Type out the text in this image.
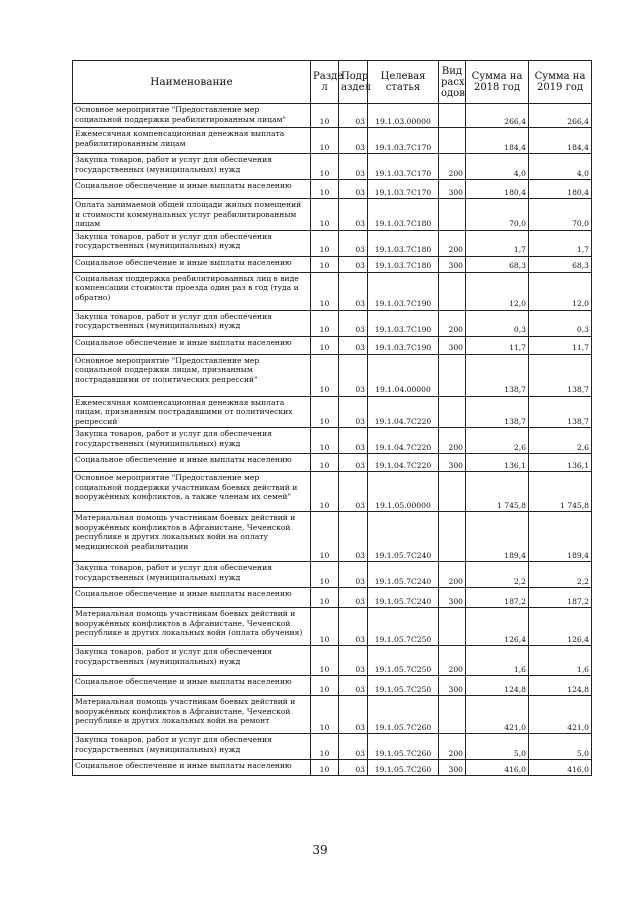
Наименование	Разде л	Подр аздел	Целевая статья	Вид расх одов	Сумма на 2018 год	Сумма на 2019 год
Основное мероприятие "Предоставление мер социальной поддержки реабилитированным лицам"	10	03	19.1.03.00000		266,4	266,4
Ежемесячная компенсационная денежная выплата реабилитированным лицам	10	03	19.1.03.7С170		184,4	184,4
Закупка товаров, работ и услуг для обеспечения государственных (муниципальных) нужд	10	03	19.1.03.7С170	200	4,0	4,0
Социальное обеспечение и иные выплаты населению	10	03	19.1.03.7С170	300	180,4	180,4
Оплата занимаемой общей площади жилых помещений и стоимости коммунальных услуг реабилитированным лицам	10	03	19.1.03.7С180		70,0	70,0
Закупка товаров, работ и услуг для обеспечения государственных (муниципальных) нужд	10	03	19.1.03.7С180	200	1,7	1,7
Социальное обеспечение и иные выплаты населению	10	03	19.1.03.7С180	300	68,3	68,3
Социальная поддержка реабилитированных лиц в виде компенсации стоимости проезда один раз в год (туда и обратно)	10	03	19.1.03.7С190		12,0	12,0
Закупка товаров, работ и услуг для обеспечения государственных (муниципальных) нужд	10	03	19.1.03.7С190	200	0,3	0,3
Социальное обеспечение и иные выплаты населению	10	03	19.1.03.7С190	300	11,7	11,7
Основное мероприятие "Предоставление мер социальной поддержки лицам, признанным пострадавшими от политических репрессий"	10	03	19.1.04.00000		138,7	138,7
Ежемесячная компенсационная денежная выплата лицам, признанным пострадавшими от политических репрессий	10	03	19.1.04.7С220		138,7	138,7
Закупка товаров, работ и услуг для обеспечения государственных (муниципальных) нужд	10	03	19.1.04.7С220	200	2,6	2,6
Социальное обеспечение и иные выплаты населению	10	03	19.1.04.7С220	300	136,1	136,1
Основное мероприятие "Предоставление мер социальной поддержки участникам боевых действий и вооружённых конфликтов, а также членам их семей"	10	03	19.1.05.00000		1 745,8	1 745,8
Материальная помощь участникам боевых действий и вооружённых конфликтов в Афганистане, Чеченской республике и других локальных войн на оплату медицинской реабилитации	10	03	19.1.05.7С240		189,4	189,4
Закупка товаров, работ и услуг для обеспечения государственных (муниципальных) нужд	10	03	19.1.05.7С240	200	2,2	2,2
Социальное обеспечение и иные выплаты населению	10	03	19.1.05.7С240	300	187,2	187,2
Материальная помощь участникам боевых действий и вооружённых конфликтов в Афганистане, Чеченской республике и других локальных войн (оплата обучения)	10	03	19.1.05.7С250		126,4	126,4
Закупка товаров, работ и услуг для обеспечения государственных (муниципальных) нужд	10	03	19.1.05.7С250	200	1,6	1,6
Социальное обеспечение и иные выплаты населению	10	03	19.1.05.7С250	300	124,8	124,8
Материальная помощь участникам боевых действий и вооружённых конфликтов в Афганистане, Чеченской республике и других локальных войн на ремонт	10	03	19.1.05.7С260		421,0	421,0
Закупка товаров, работ и услуг для обеспечения государственных (муниципальных) нужд	10	03	19.1.05.7С260	200	5,0	5,0
Социальное обеспечение и иные выплаты населению	10	03	19.1.05.7С260	300	416,0	416,0
39
